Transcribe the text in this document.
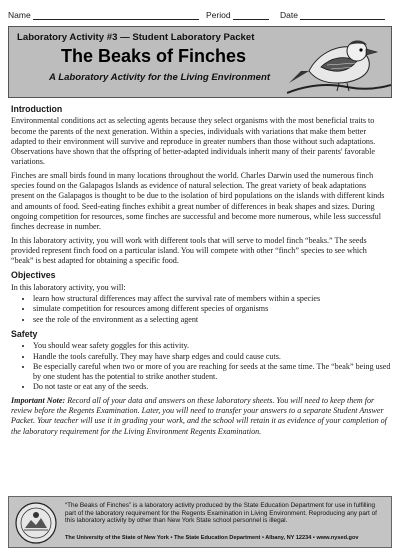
Name	Period	Date
Laboratory Activity #3 — Student Laboratory Packet
The Beaks of Finches
A Laboratory Activity for the Living Environment
Introduction

Environmental conditions act as selecting agents because they select organisms with the most beneficial traits to become the parents of the next generation. Within a species, individuals with variations that make them better adapted to their environment will survive and reproduce in greater numbers than those without such adaptations. Observations have shown that the offspring of better-adapted individuals inherit many of their parents' favorable variations.

Finches are small birds found in many locations throughout the world. Charles Darwin used the numerous finch species found on the Galapagos Islands as evidence of natural selection. The great variety of beak adaptations present on the Galapagos is thought to be due to the isolation of bird populations on the islands with different kinds and amounts of food. Seed-eating finches exhibit a great number of differences in beak shapes and sizes. During ongoing competition for resources, some finches are successful and become more numerous, while less successful finches decrease in number.

In this laboratory activity, you will work with different tools that will serve to model finch “beaks.” The seeds provided represent finch food on a particular island. You will compete with other “finch” species to see which “beak” is best adapted for obtaining a specific food.

Objectives

In this laboratory activity, you will:

• learn how structural differences may affect the survival rate of members within a species
• simulate competition for resources among different species of organisms
• see the role of the environment as a selecting agent
Safety
• You should wear safety goggles for this activity.
• Handle the tools carefully. They may have sharp edges and could cause cuts.
• Be especially careful when two or more of you are reaching for seeds at the same time. The “beak” being used by one student has the potential to strike another student.
• Do not taste or eat any of the seeds.

Important Note: Record all of your data and answers on these laboratory sheets. You will need to keep them for review before the Regents Examination. Later, you will need to transfer your answers to a separate Student Answer Packet. Your teacher will use it in grading your work, and the school will retain it as evidence of your completion of the laboratory requirement for the Living Environment Regents Examination.

“The Beaks of Finches” is a laboratory activity produced by the State Education Department for use in fulfilling part of the laboratory requirement for the Regents Examination in Living Environment. Reproducing any part of this laboratory activity by other than New York State school personnel is illegal.
The University of the State of New York • The State Education Department • Albany, NY 12234 • www.nysed.gov
